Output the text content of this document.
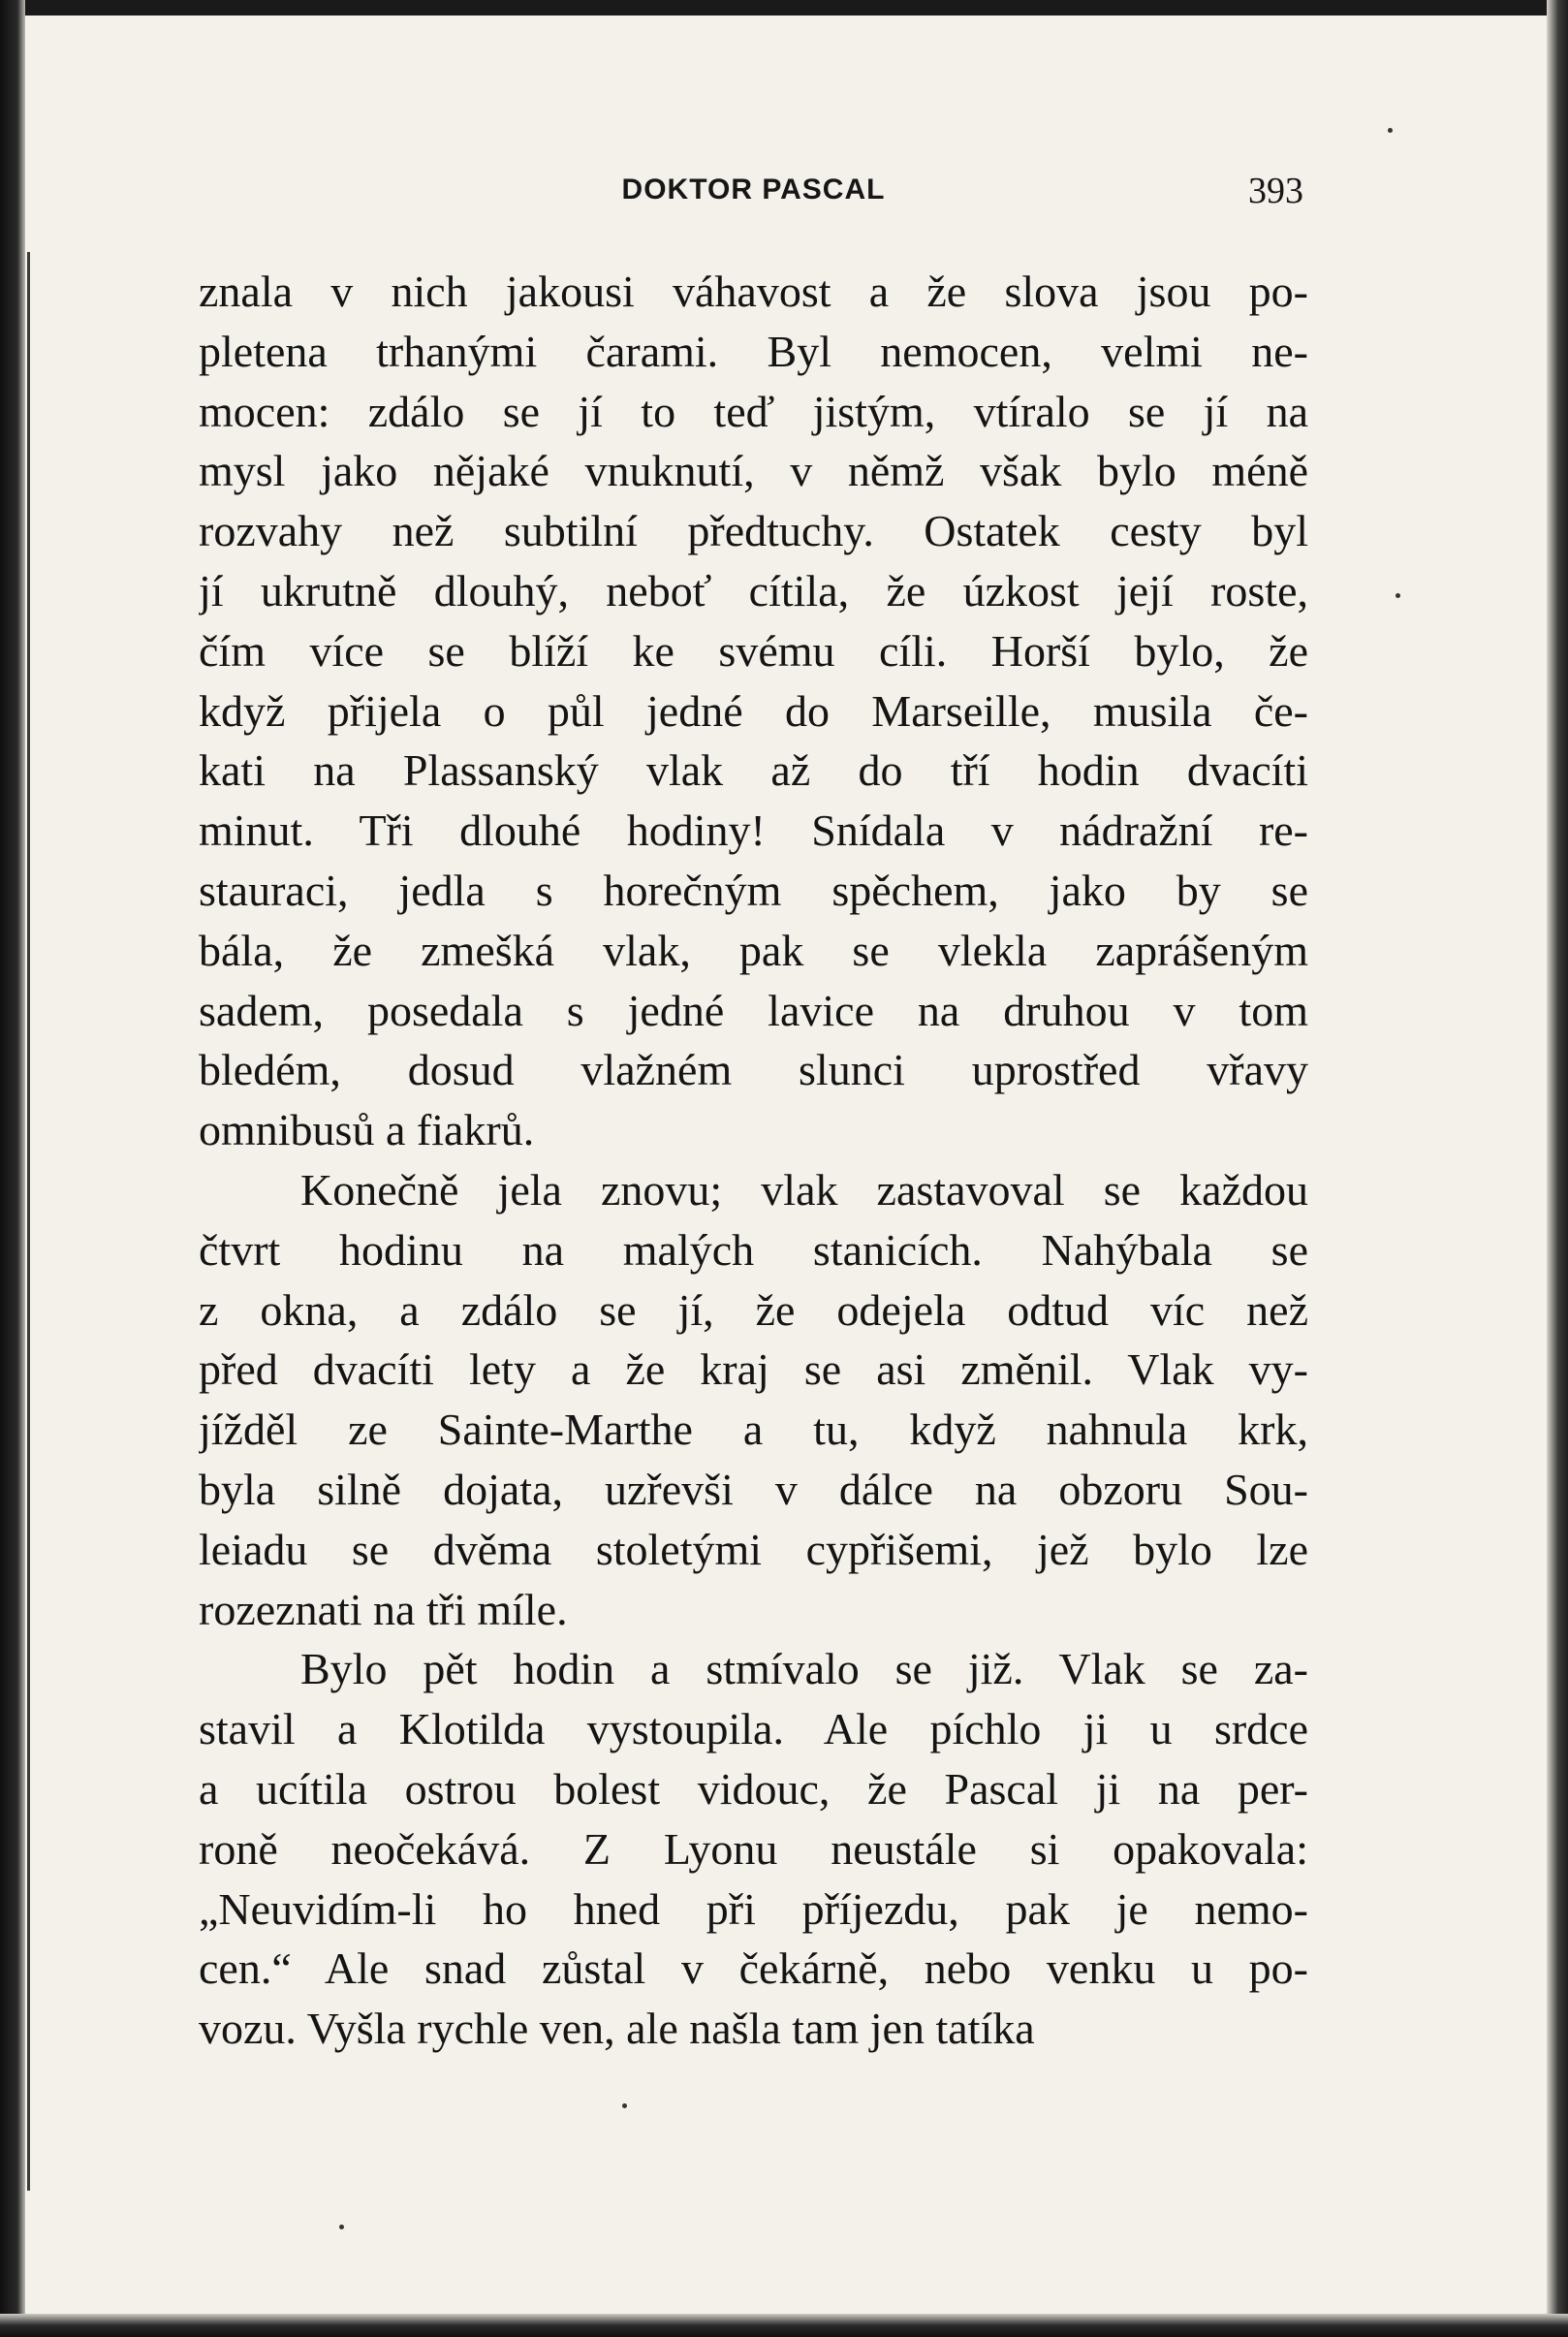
DOKTOR PASCAL	393
znala v nich jakousi váhavost a že slova jsou po-
pletena trhanými čarami. Byl nemocen, velmi ne-
mocen: zdálo se jí to teď jistým, vtíralo se jí na
mysl jako nějaké vnuknutí, v němž však bylo méně
rozvahy než subtilní předtuchy. Ostatek cesty byl
jí ukrutně dlouhý, neboť cítila, že úzkost její roste,
čím více se blíží ke svému cíli. Horší bylo, že
když přijela o půl jedné do Marseille, musila če-
kati na Plassanský vlak až do tří hodin dvacíti
minut. Tři dlouhé hodiny! Snídala v nádražní re-
stauraci, jedla s horečným spěchem, jako by se
bála, že zmešká vlak, pak se vlekla zaprášeným
sadem, posedala s jedné lavice na druhou v tom
bledém, dosud vlažném slunci uprostřed vřavy
omnibusů a fiakrů.
Konečně jela znovu; vlak zastavoval se každou
čtvrt hodinu na malých stanicích. Nahýbala se
z okna, a zdálo se jí, že odejela odtud víc než
před dvacíti lety a že kraj se asi změnil. Vlak vy-
jížděl ze Sainte-Marthe a tu, když nahnula krk,
byla silně dojata, uzřevši v dálce na obzoru Sou-
leiadu se dvěma stoletými cypřišemi, jež bylo lze
rozeznati na tři míle.
Bylo pět hodin a stmívalo se již. Vlak se za-
stavil a Klotilda vystoupila. Ale píchlo ji u srdce
a ucítila ostrou bolest vidouc, že Pascal ji na per-
roně neočekává. Z Lyonu neustále si opakovala:
„Neuvidím-li ho hned při příjezdu, pak je nemo-
cen.“ Ale snad zůstal v čekárně, nebo venku u po-
vozu. Vyšla rychle ven, ale našla tam jen tatíka
